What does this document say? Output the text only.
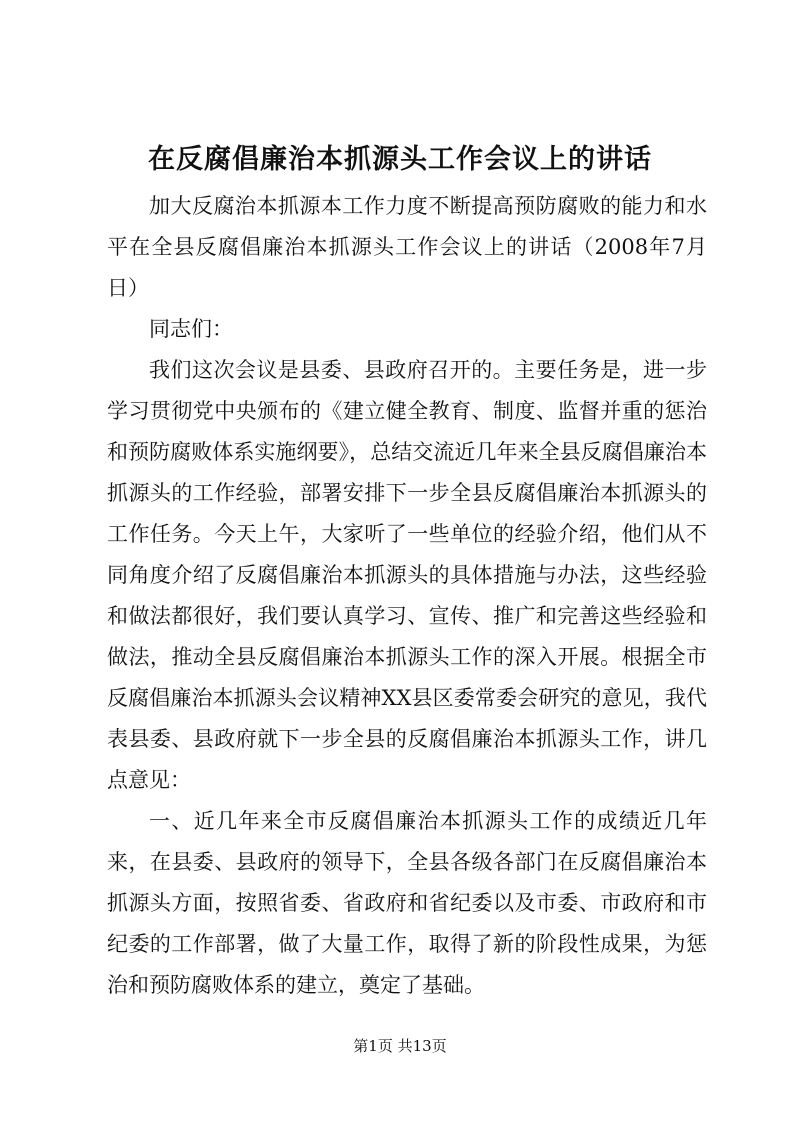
在反腐倡廉治本抓源头工作会议上的讲话

加大反腐治本抓源本工作力度不断提高预防腐败的能力和水平在全县反腐倡廉治本抓源头工作会议上的讲话（2008年7月日）

同志们：

我们这次会议是县委、县政府召开的。主要任务是，进一步学习贯彻党中央颁布的《建立健全教育、制度、监督并重的惩治和预防腐败体系实施纲要》，总结交流近几年来全县反腐倡廉治本抓源头的工作经验，部署安排下一步全县反腐倡廉治本抓源头的工作任务。今天上午，大家听了一些单位的经验介绍，他们从不同角度介绍了反腐倡廉治本抓源头的具体措施与办法，这些经验和做法都很好，我们要认真学习、宣传、推广和完善这些经验和做法，推动全县反腐倡廉治本抓源头工作的深入开展。根据全市反腐倡廉治本抓源头会议精神XX县区委常委会研究的意见，我代表县委、县政府就下一步全县的反腐倡廉治本抓源头工作，讲几点意见：

一、近几年来全市反腐倡廉治本抓源头工作的成绩近几年来，在县委、县政府的领导下，全县各级各部门在反腐倡廉治本抓源头方面，按照省委、省政府和省纪委以及市委、市政府和市纪委的工作部署，做了大量工作，取得了新的阶段性成果，为惩治和预防腐败体系的建立，奠定了基础。

第1页 共13页
